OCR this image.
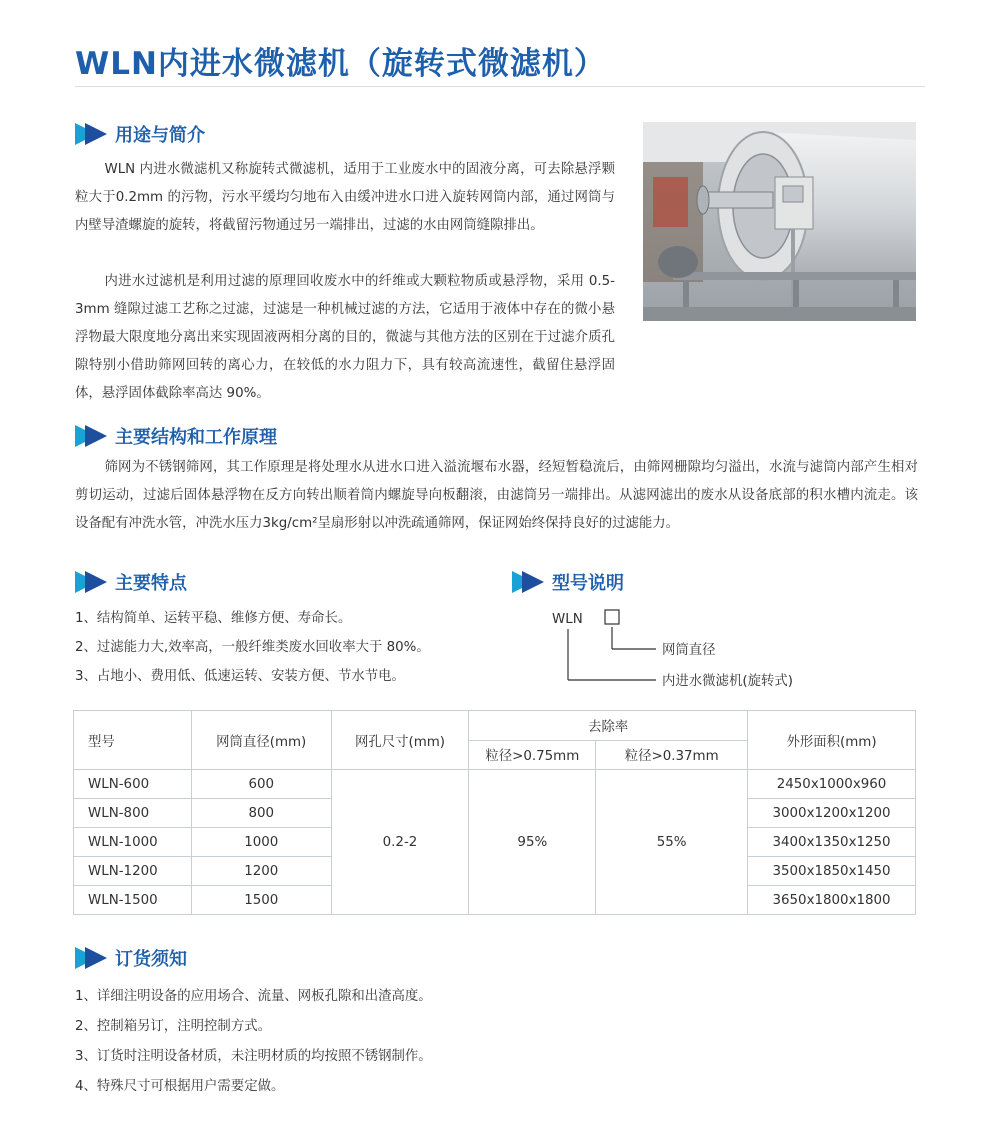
WLN内进水微滤机（旋转式微滤机）
用途与简介

WLN 内进水微滤机又称旋转式微滤机，适用于工业废水中的固液分离，可去除悬浮颗粒大于0.2mm 的污物，污水平缓均匀地布入由缓冲进水口进入旋转网筒内部，通过网筒与内壁导渣螺旋的旋转，将截留污物通过另一端排出，过滤的水由网筒缝隙排出。

内进水过滤机是利用过滤的原理回收废水中的纤维或大颗粒物质或悬浮物，采用 0.5-3mm 缝隙过滤工艺称之过滤，过滤是一种机械过滤的方法，它适用于液体中存在的微小悬浮物最大限度地分离出来实现固液两相分离的目的，微滤与其他方法的区别在于过滤介质孔隙特别小借助筛网回转的离心力，在较低的水力阻力下，具有较高流速性，截留住悬浮固体，悬浮固体截除率高达 90%。

主要结构和工作原理

筛网为不锈钢筛网，其工作原理是将处理水从进水口进入溢流堰布水器，经短暂稳流后，由筛网栅隙均匀溢出，水流与滤筒内部产生相对剪切运动，过滤后固体悬浮物在反方向转出顺着筒内螺旋导向板翻滚，由滤筒另一端排出。从滤网滤出的废水从设备底部的积水槽内流走。该设备配有冲洗水管，冲洗水压力3kg/cm²呈扇形射以冲洗疏通筛网，保证网始终保持良好的过滤能力。

主要特点
1、结构简单、运转平稳、维修方便、寿命长。
2、过滤能力大,效率高，一般纤维类废水回收率大于 80%。
3、占地小、费用低、低速运转、安装方便、节水节电。
型号说明
WLN
网筒直径
内进水微滤机(旋转式)
型号	网筒直径(mm)	网孔尺寸(mm)	去除率		外形面积(mm)
			粒径>0.75mm	粒径>0.37mm	
WLN-600	600	0.2-2	95%	55%	2450x1000x960
WLN-800	800				3000x1200x1200
WLN-1000	1000				3400x1350x1250
WLN-1200	1200				3500x1850x1450
WLN-1500	1500				3650x1800x1800
订货须知
1、详细注明设备的应用场合、流量、网板孔隙和出渣高度。
2、控制箱另订，注明控制方式。
3、订货时注明设备材质，未注明材质的均按照不锈钢制作。
4、特殊尺寸可根据用户需要定做。
